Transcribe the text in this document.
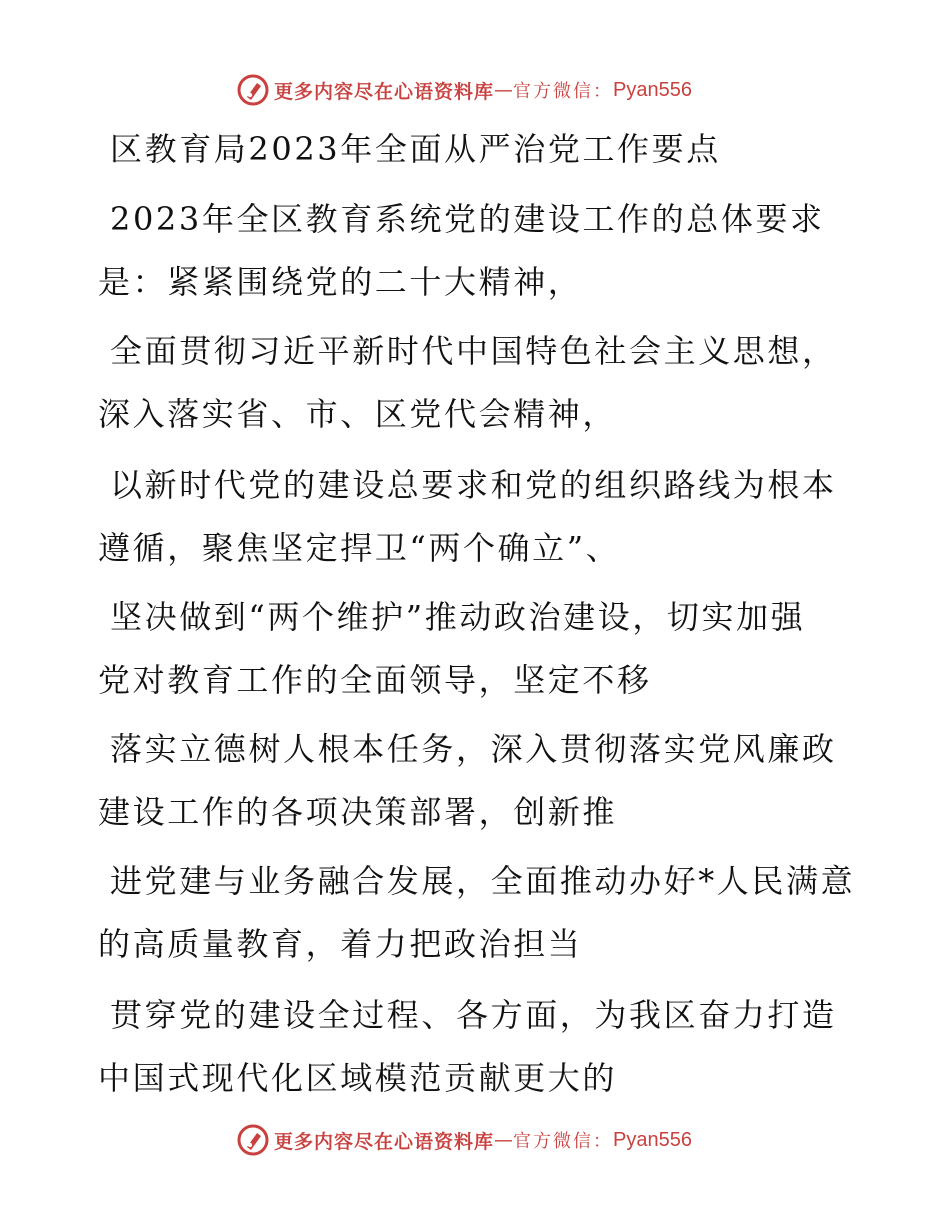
更多内容尽在心语资料库 — 官方微信： Pyan556
区教育局2023年全面从严治党工作要点
2023年全区教育系统党的建设工作的总体要求
是：紧紧围绕党的二十大精神，
全面贯彻习近平新时代中国特色社会主义思想，
深入落实省、市、区党代会精神，
以新时代党的建设总要求和党的组织路线为根本
遵循，聚焦坚定捍卫“两个确立”、
坚决做到“两个维护”推动政治建设，切实加强
党对教育工作的全面领导，坚定不移
落实立德树人根本任务，深入贯彻落实党风廉政
建设工作的各项决策部署，创新推
进党建与业务融合发展，全面推动办好*人民满意
的高质量教育，着力把政治担当
贯穿党的建设全过程、各方面，为我区奋力打造
中国式现代化区域模范贡献更大的
更多内容尽在心语资料库 — 官方微信： Pyan556
